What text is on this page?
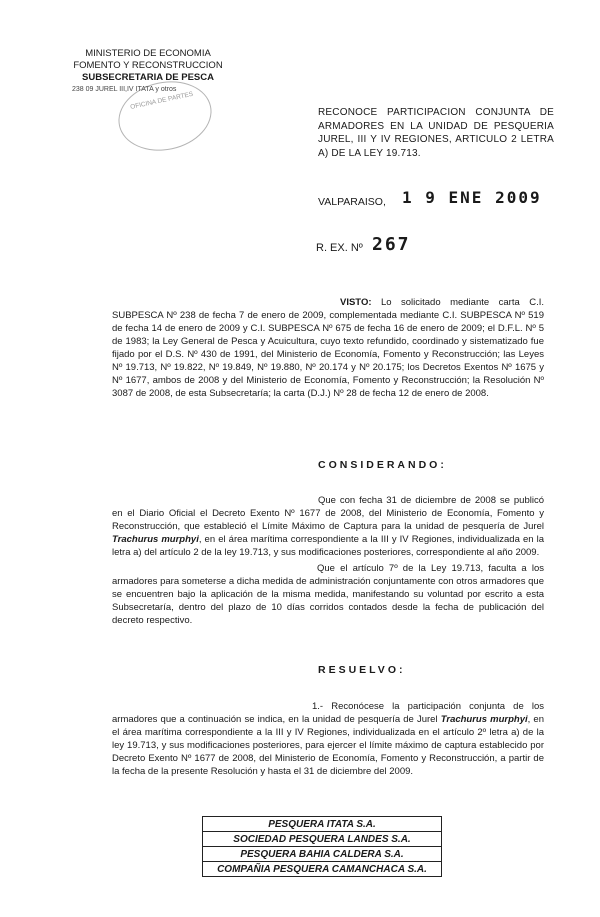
MINISTERIO DE ECONOMIA
FOMENTO Y RECONSTRUCCION
SUBSECRETARIA DE PESCA
238 09 JUREL III,IV ITATA y otros
OFICINA DE PARTES
RECONOCE PARTICIPACION CONJUNTA DE ARMADORES EN LA UNIDAD DE PESQUERIA JUREL, III Y IV REGIONES, ARTICULO 2 LETRA A) DE LA LEY 19.713.
VALPARAISO, 1 9 ENE 2009
R. EX. Nº 267
VISTO: Lo solicitado mediante carta C.I. SUBPESCA Nº 238 de fecha 7 de enero de 2009, complementada mediante C.I. SUBPESCA Nº 519 de fecha 14 de enero de 2009 y C.I. SUBPESCA Nº 675 de fecha 16 de enero de 2009; el D.F.L. Nº 5 de 1983; la Ley General de Pesca y Acuicultura, cuyo texto refundido, coordinado y sistematizado fue fijado por el D.S. Nº 430 de 1991, del Ministerio de Economía, Fomento y Reconstrucción; las Leyes Nº 19.713, Nº 19.822, Nº 19.849, Nº 19.880, Nº 20.174 y Nº 20.175; los Decretos Exentos Nº 1675 y Nº 1677, ambos de 2008 y del Ministerio de Economía, Fomento y Reconstrucción; la Resolución Nº 3087 de 2008, de esta Subsecretaría; la carta (D.J.) Nº 28 de fecha 12 de enero de 2008.
CONSIDERANDO:
Que con fecha 31 de diciembre de 2008 se publicó en el Diario Oficial el Decreto Exento Nº 1677 de 2008, del Ministerio de Economía, Fomento y Reconstrucción, que estableció el Límite Máximo de Captura para la unidad de pesquería de Jurel Trachurus murphyi, en el área marítima correspondiente a la III y IV Regiones, individualizada en la letra a) del artículo 2 de la ley 19.713, y sus modificaciones posteriores, correspondiente al año 2009.
Que el artículo 7º de la Ley 19.713, faculta a los armadores para someterse a dicha medida de administración conjuntamente con otros armadores que se encuentren bajo la aplicación de la misma medida, manifestando su voluntad por escrito a esta Subsecretaría, dentro del plazo de 10 días corridos contados desde la fecha de publicación del decreto respectivo.
RESUELVO:
1.- Reconócese la participación conjunta de los armadores que a continuación se indica, en la unidad de pesquería de Jurel Trachurus murphyi, en el área marítima correspondiente a la III y IV Regiones, individualizada en el artículo 2º letra a) de la ley 19.713, y sus modificaciones posteriores, para ejercer el límite máximo de captura establecido por Decreto Exento Nº 1677 de 2008, del Ministerio de Economía, Fomento y Reconstrucción, a partir de la fecha de la presente Resolución y hasta el 31 de diciembre del 2009.
PESQUERA ITATA S.A.
SOCIEDAD PESQUERA LANDES S.A.
PESQUERA BAHIA CALDERA S.A.
COMPAÑIA PESQUERA CAMANCHACA S.A.
